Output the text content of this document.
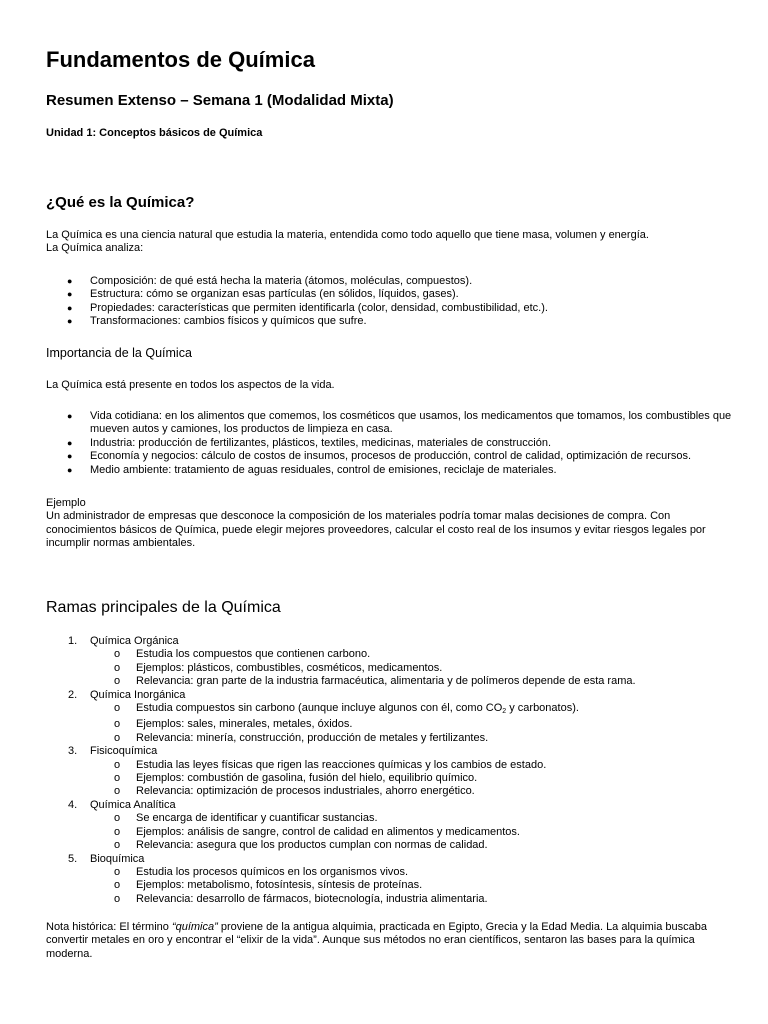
Fundamentos de Química
Resumen Extenso – Semana 1 (Modalidad Mixta)
Unidad 1: Conceptos básicos de Química
¿Qué es la Química?
La Química es una ciencia natural que estudia la materia, entendida como todo aquello que tiene masa, volumen y energía.
La Química analiza:
● Composición: de qué está hecha la materia (átomos, moléculas, compuestos).
● Estructura: cómo se organizan esas partículas (en sólidos, líquidos, gases).
● Propiedades: características que permiten identificarla (color, densidad, combustibilidad, etc.).
● Transformaciones: cambios físicos y químicos que sufre.
Importancia de la Química
La Química está presente en todos los aspectos de la vida.
● Vida cotidiana: en los alimentos que comemos, los cosméticos que usamos, los medicamentos que tomamos, los combustibles que mueven autos y camiones, los productos de limpieza en casa.
● Industria: producción de fertilizantes, plásticos, textiles, medicinas, materiales de construcción.
● Economía y negocios: cálculo de costos de insumos, procesos de producción, control de calidad, optimización de recursos.
● Medio ambiente: tratamiento de aguas residuales, control de emisiones, reciclaje de materiales.
Ejemplo
Un administrador de empresas que desconoce la composición de los materiales podría tomar malas decisiones de compra. Con conocimientos básicos de Química, puede elegir mejores proveedores, calcular el costo real de los insumos y evitar riesgos legales por incumplir normas ambientales.
Ramas principales de la Química
1. Química Orgánica
o Estudia los compuestos que contienen carbono.
o Ejemplos: plásticos, combustibles, cosméticos, medicamentos.
o Relevancia: gran parte de la industria farmacéutica, alimentaria y de polímeros depende de esta rama.
2. Química Inorgánica
o Estudia compuestos sin carbono (aunque incluye algunos con él, como $CO_2$ y carbonatos).
o Ejemplos: sales, minerales, metales, óxidos.
o Relevancia: minería, construcción, producción de metales y fertilizantes.
3. Fisicoquímica
o Estudia las leyes físicas que rigen las reacciones químicas y los cambios de estado.
o Ejemplos: combustión de gasolina, fusión del hielo, equilibrio químico.
o Relevancia: optimización de procesos industriales, ahorro energético.
4. Química Analítica
o Se encarga de identificar y cuantificar sustancias.
o Ejemplos: análisis de sangre, control de calidad en alimentos y medicamentos.
o Relevancia: asegura que los productos cumplan con normas de calidad.
5. Bioquímica
o Estudia los procesos químicos en los organismos vivos.
o Ejemplos: metabolismo, fotosíntesis, síntesis de proteínas.
o Relevancia: desarrollo de fármacos, biotecnología, industria alimentaria.
Nota histórica: El término “química” proviene de la antigua alquimia, practicada en Egipto, Grecia y la Edad Media. La alquimia buscaba convertir metales en oro y encontrar el “elixir de la vida”. Aunque sus métodos no eran científicos, sentaron las bases para la química moderna.
